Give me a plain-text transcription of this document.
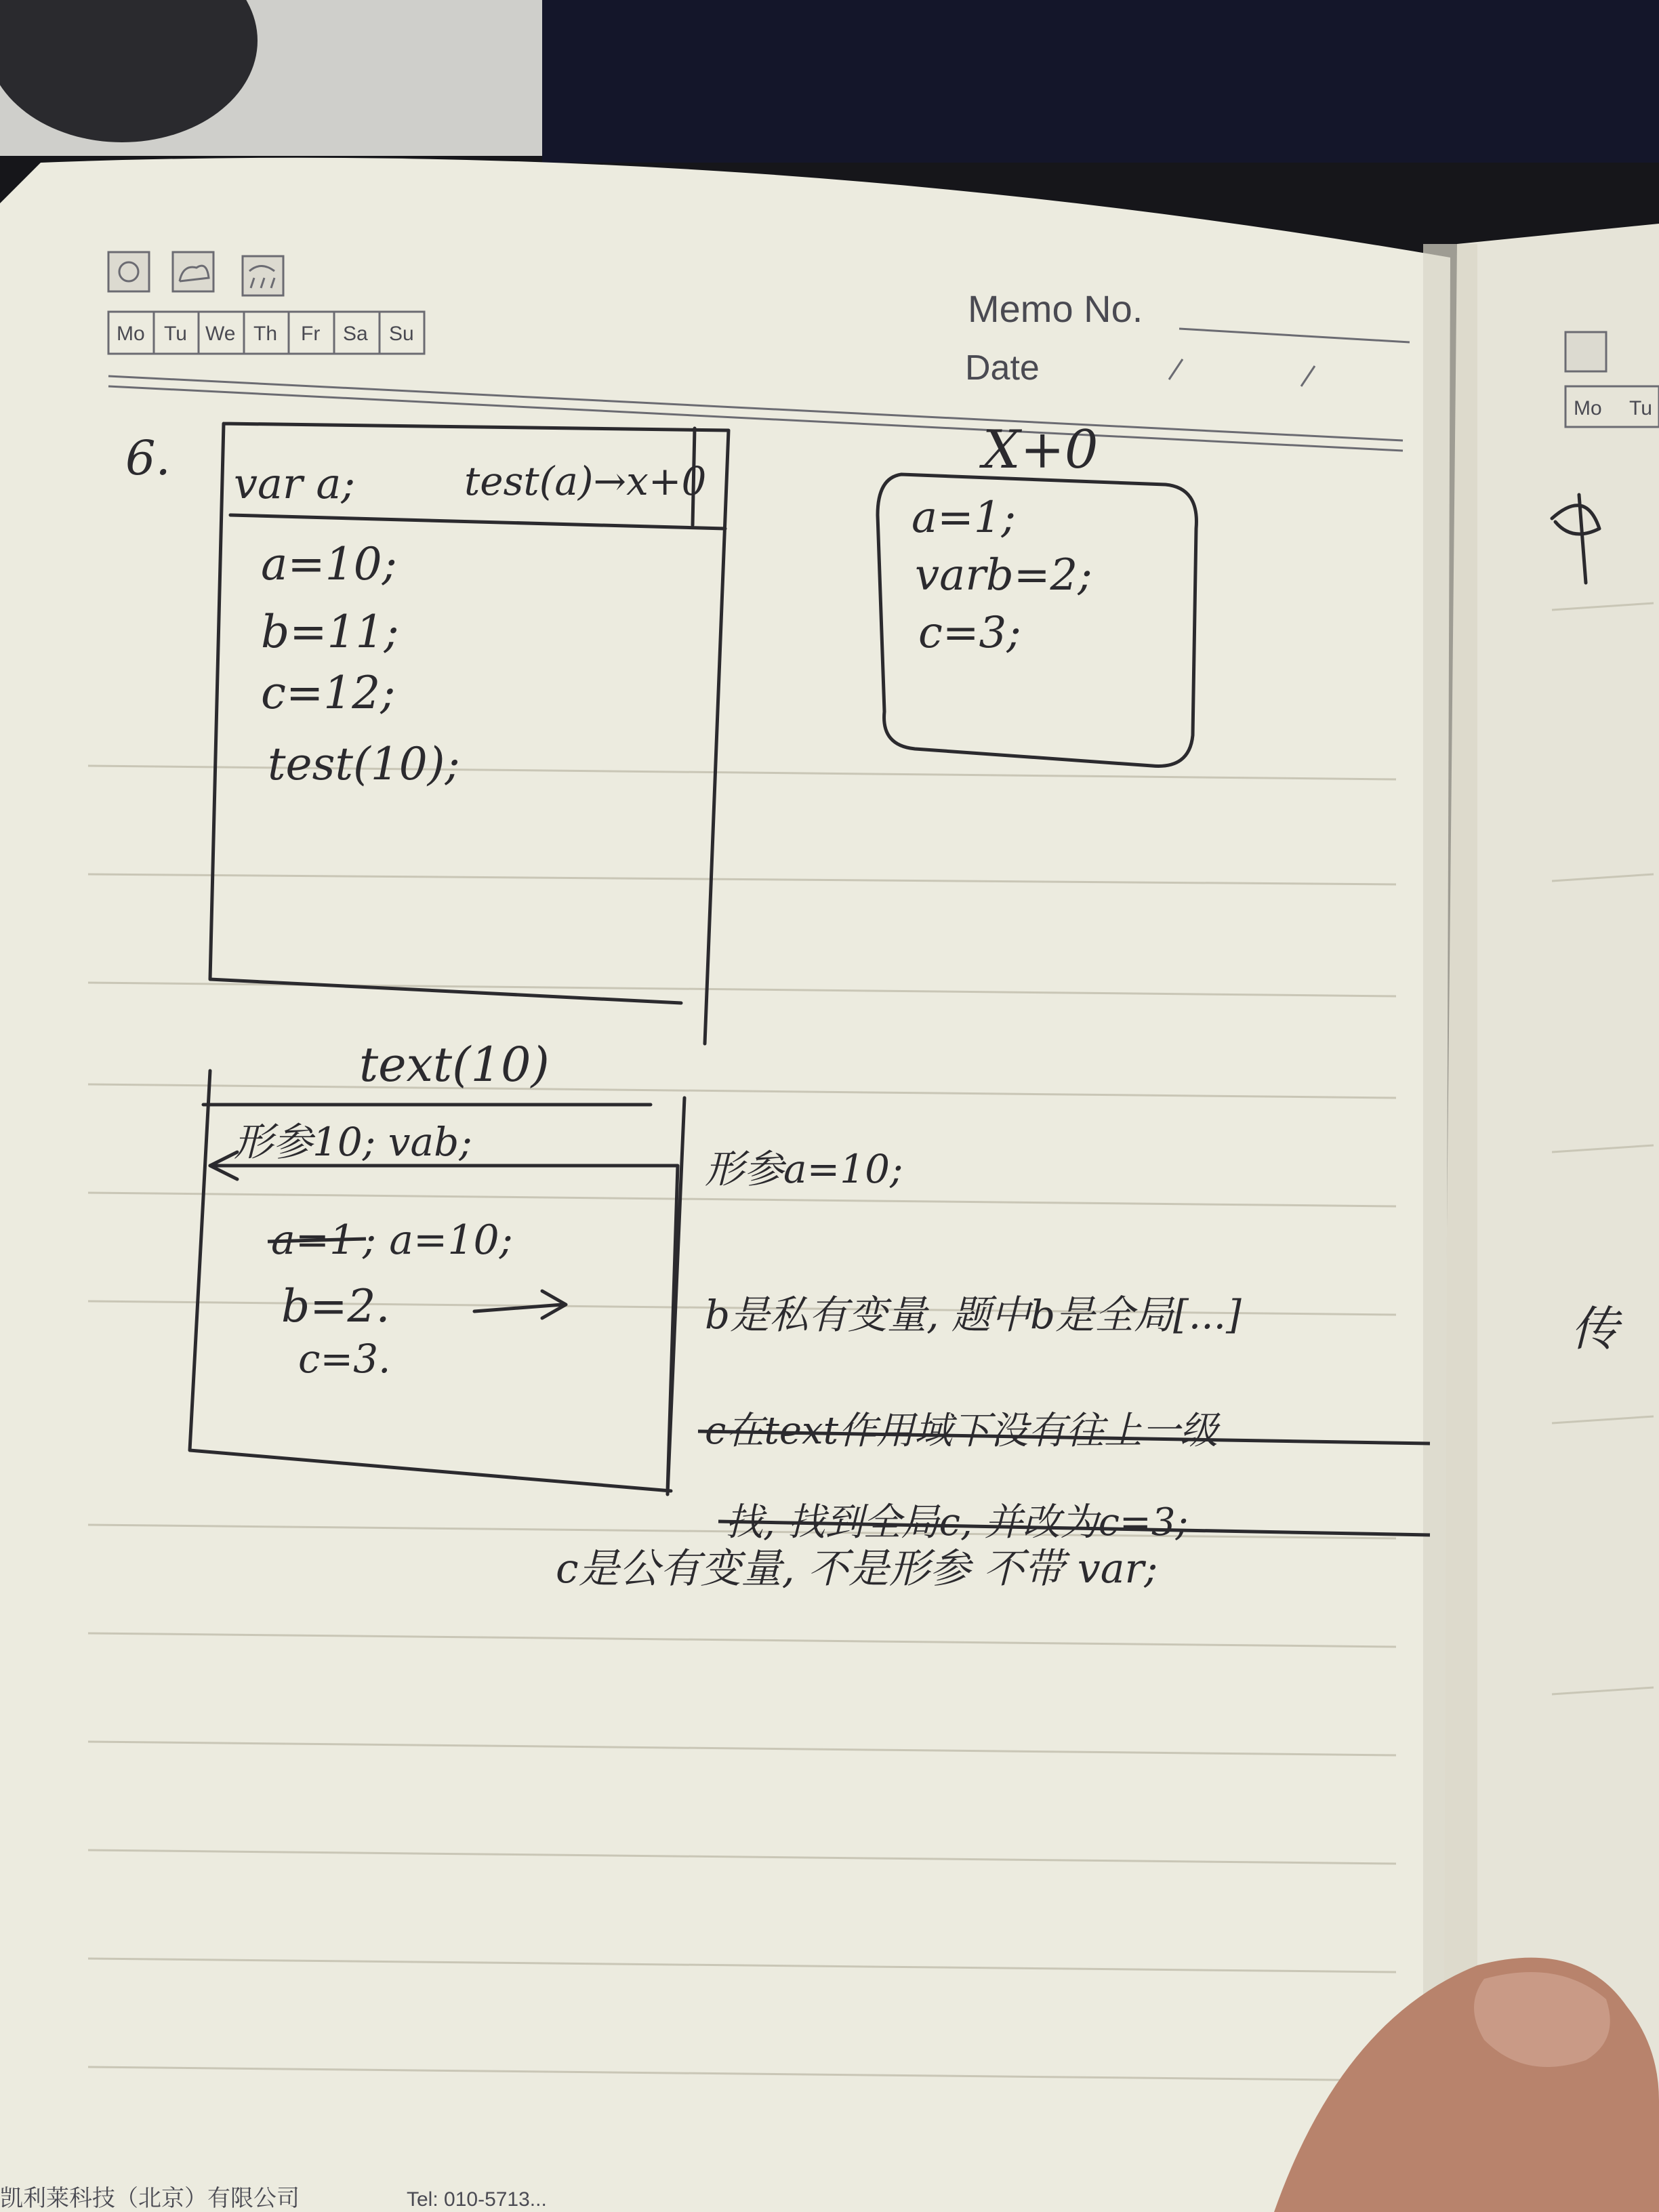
Mo Tu We Th Fr Sa Su
Memo No.
Date
Mo Tu
传
6. var a;	test(a)→x+0
a=10;
b=11;
c=12;
test(10);
X+0
a=1;
varb=2;
c=3;
text(10)
形参10; vab;
a=1 ; a=10;
b=2.
c=3.
形参a=10;
b是私有变量, 题中b是全局[...]
c在text作用域下没有往上一级
找, 找到全局c, 并改为c=3;
c是公有变量, 不是形参 不带 var;
凯利莱科技（北京）有限公司	Tel: 010-5713...
